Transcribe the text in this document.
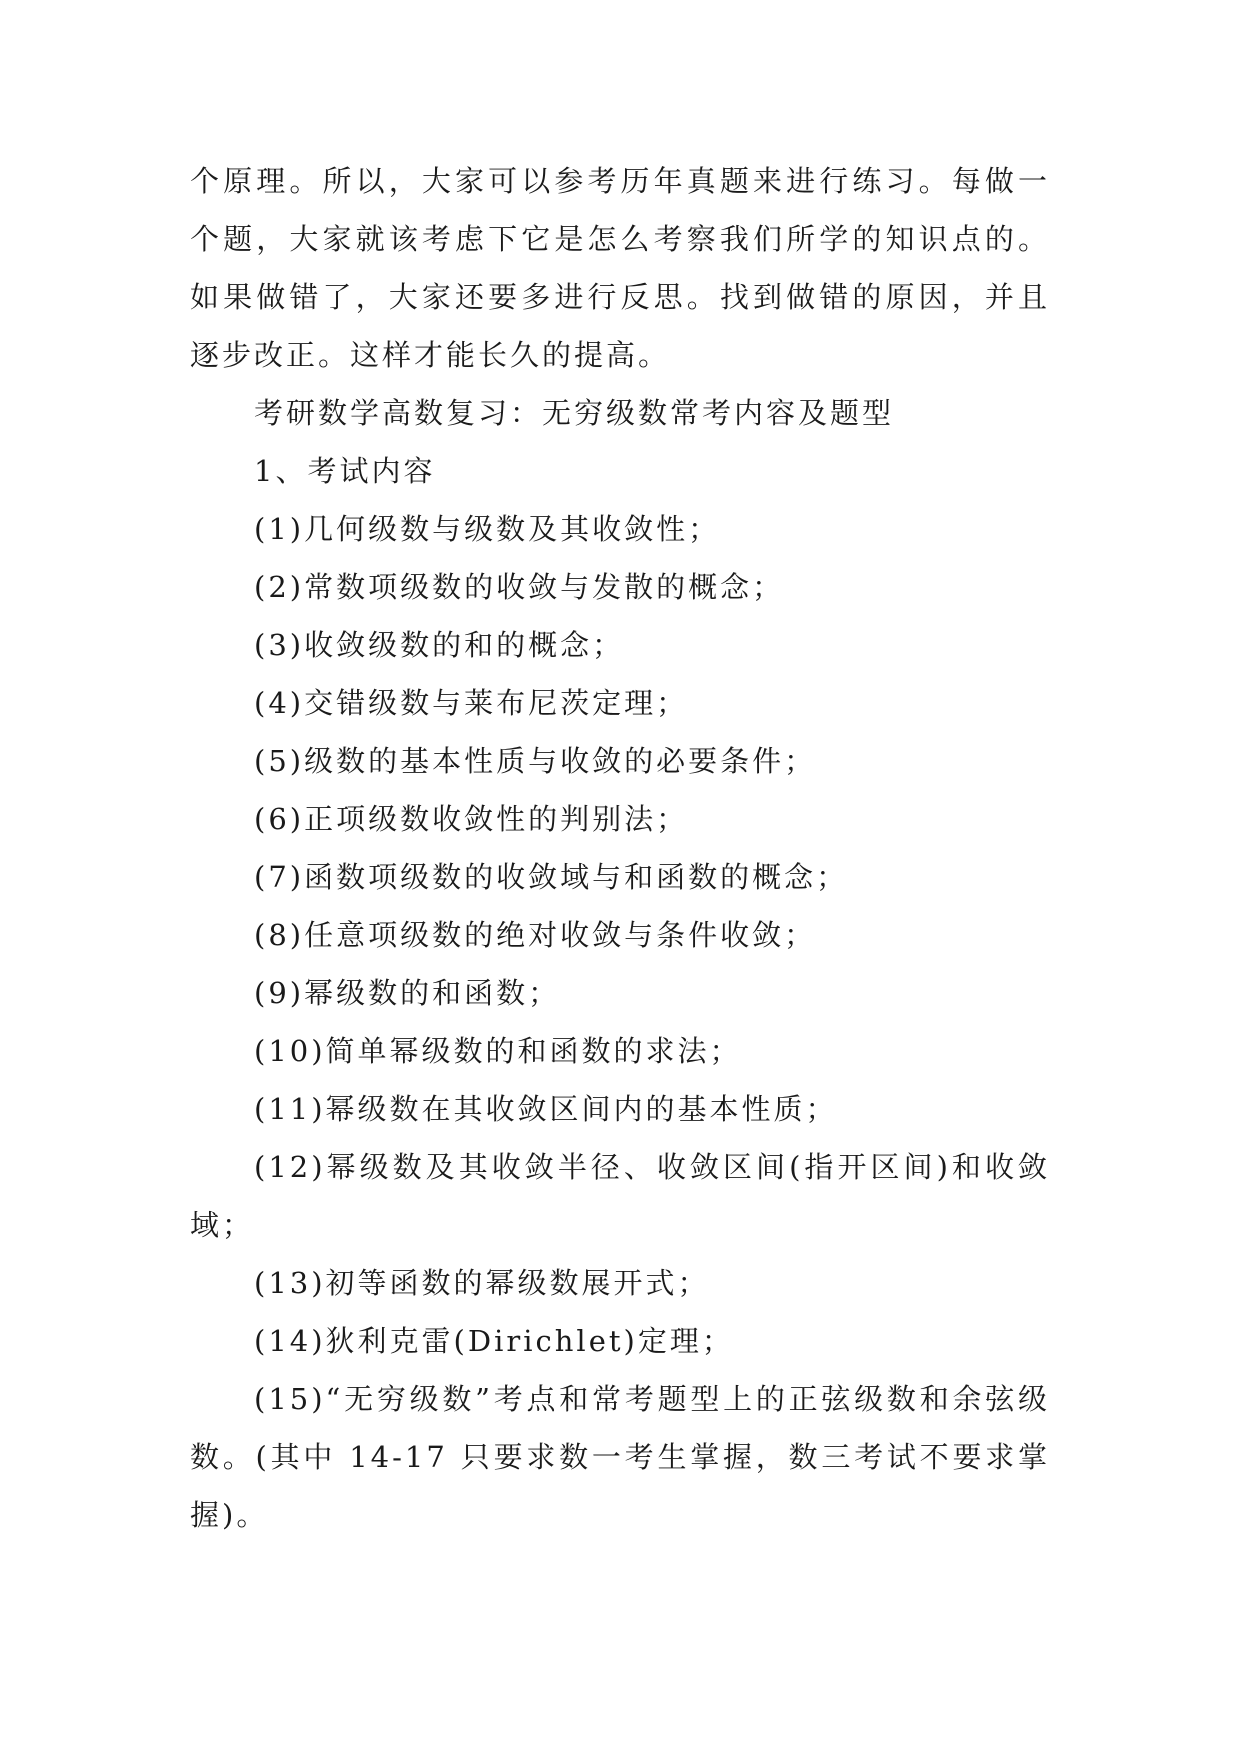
个原理。所以，大家可以参考历年真题来进行练习。每做一个题，大家就该考虑下它是怎么考察我们所学的知识点的。如果做错了，大家还要多进行反思。找到做错的原因，并且逐步改正。这样才能长久的提高。

考研数学高数复习：无穷级数常考内容及题型

1、考试内容

(1)几何级数与级数及其收敛性；

(2)常数项级数的收敛与发散的概念；

(3)收敛级数的和的概念；

(4)交错级数与莱布尼茨定理；

(5)级数的基本性质与收敛的必要条件；

(6)正项级数收敛性的判别法；

(7)函数项级数的收敛域与和函数的概念；

(8)任意项级数的绝对收敛与条件收敛；

(9)幂级数的和函数；

(10)简单幂级数的和函数的求法；

(11)幂级数在其收敛区间内的基本性质；

(12)幂级数及其收敛半径、收敛区间(指开区间)和收敛域；

(13)初等函数的幂级数展开式；

(14)狄利克雷(Dirichlet)定理；

(15)“无穷级数”考点和常考题型上的正弦级数和余弦级数。(其中 14-17 只要求数一考生掌握，数三考试不要求掌握)。
